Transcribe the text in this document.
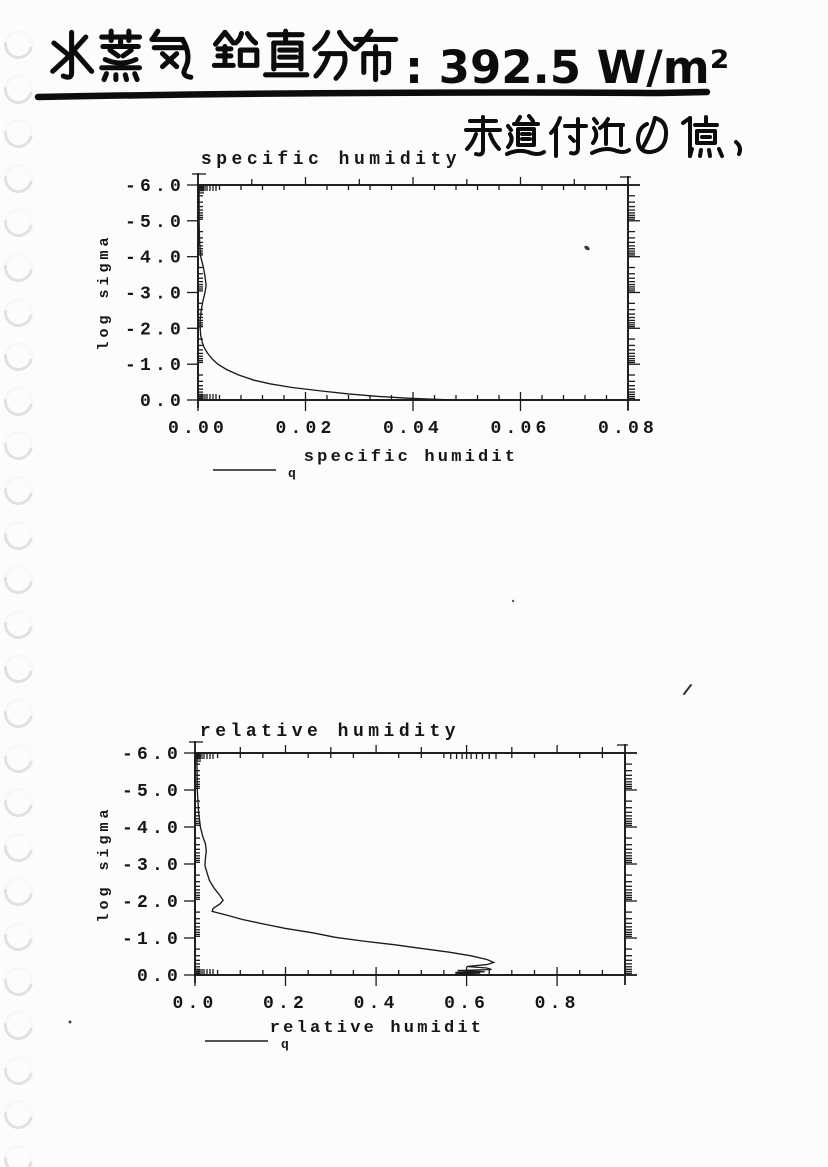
: 392.5 W/m²
0.00	0.02	0.04	0.06	0.08
-6.0
-5.0
-4.0
-3.0
-2.0
-1.0
0.0
specific humidity
specific humidit
log sigma
q
0.0	0.2	0.4	0.6	0.8
-6.0
-5.0
-4.0
-3.0
-2.0
-1.0
0.0
relative humidity
relative humidit
log sigma
q
